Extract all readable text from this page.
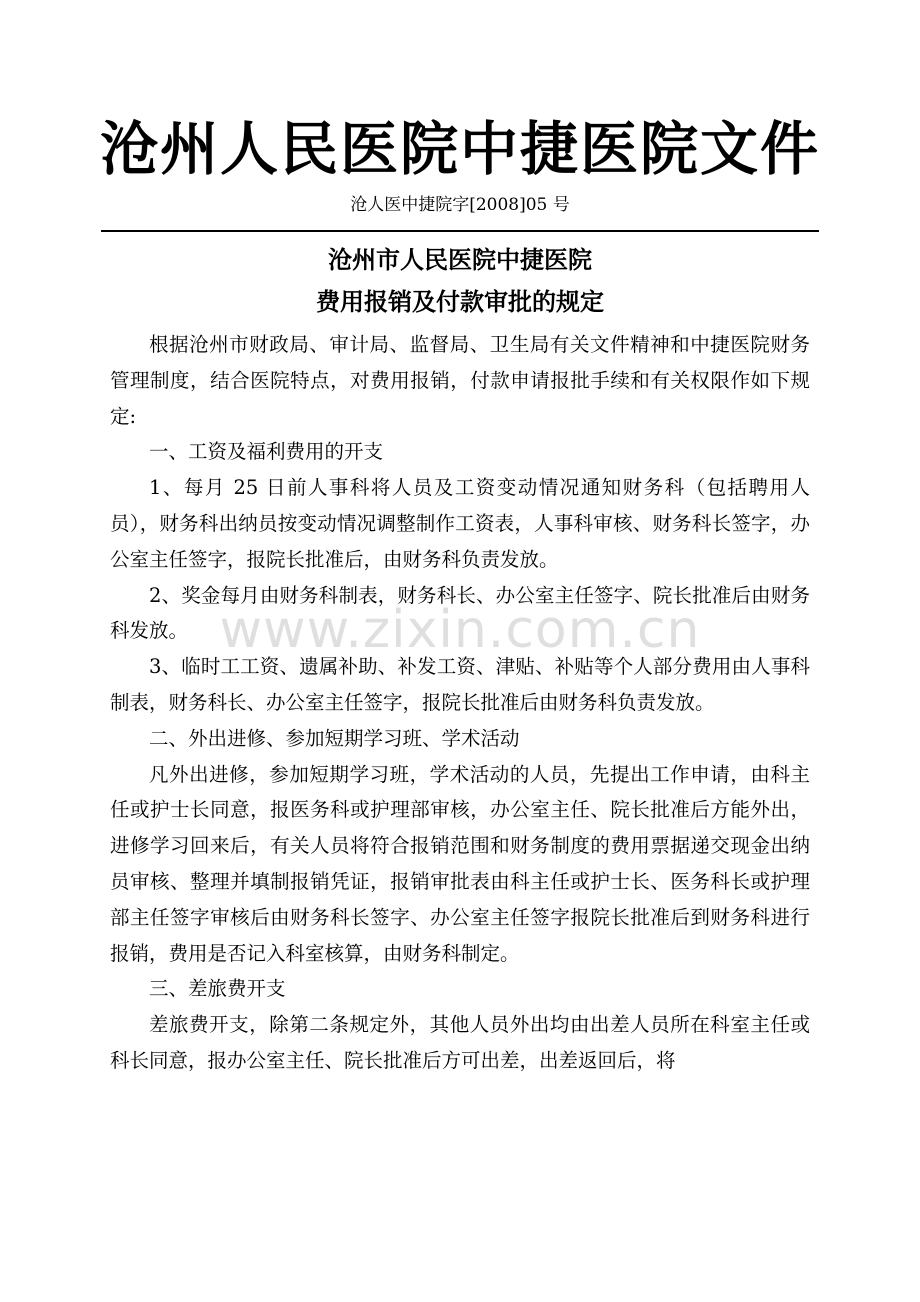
沧州人民医院中捷医院文件
沧人医中捷院字[2008]05 号
沧州市人民医院中捷医院
费用报销及付款审批的规定

根据沧州市财政局、审计局、监督局、卫生局有关文件精神和中捷医院财务管理制度，结合医院特点，对费用报销，付款申请报批手续和有关权限作如下规定:

一、工资及福利费用的开支

1、每月 25 日前人事科将人员及工资变动情况通知财务科（包括聘用人员），财务科出纳员按变动情况调整制作工资表，人事科审核、财务科长签字，办公室主任签字，报院长批准后，由财务科负责发放。

2、奖金每月由财务科制表，财务科长、办公室主任签字、院长批准后由财务科发放。

3、临时工工资、遗属补助、补发工资、津贴、补贴等个人部分费用由人事科制表，财务科长、办公室主任签字，报院长批准后由财务科负责发放。

二、外出进修、参加短期学习班、学术活动

凡外出进修，参加短期学习班，学术活动的人员，先提出工作申请，由科主任或护士长同意，报医务科或护理部审核，办公室主任、院长批准后方能外出，进修学习回来后，有关人员将符合报销范围和财务制度的费用票据递交现金出纳员审核、整理并填制报销凭证，报销审批表由科主任或护士长、医务科长或护理部主任签字审核后由财务科长签字、办公室主任签字报院长批准后到财务科进行报销，费用是否记入科室核算，由财务科制定。

三、差旅费开支

差旅费开支，除第二条规定外，其他人员外出均由出差人员所在科室主任或科长同意，报办公室主任、院长批准后方可出差，出差返回后，将

www.zixin.com.cn
